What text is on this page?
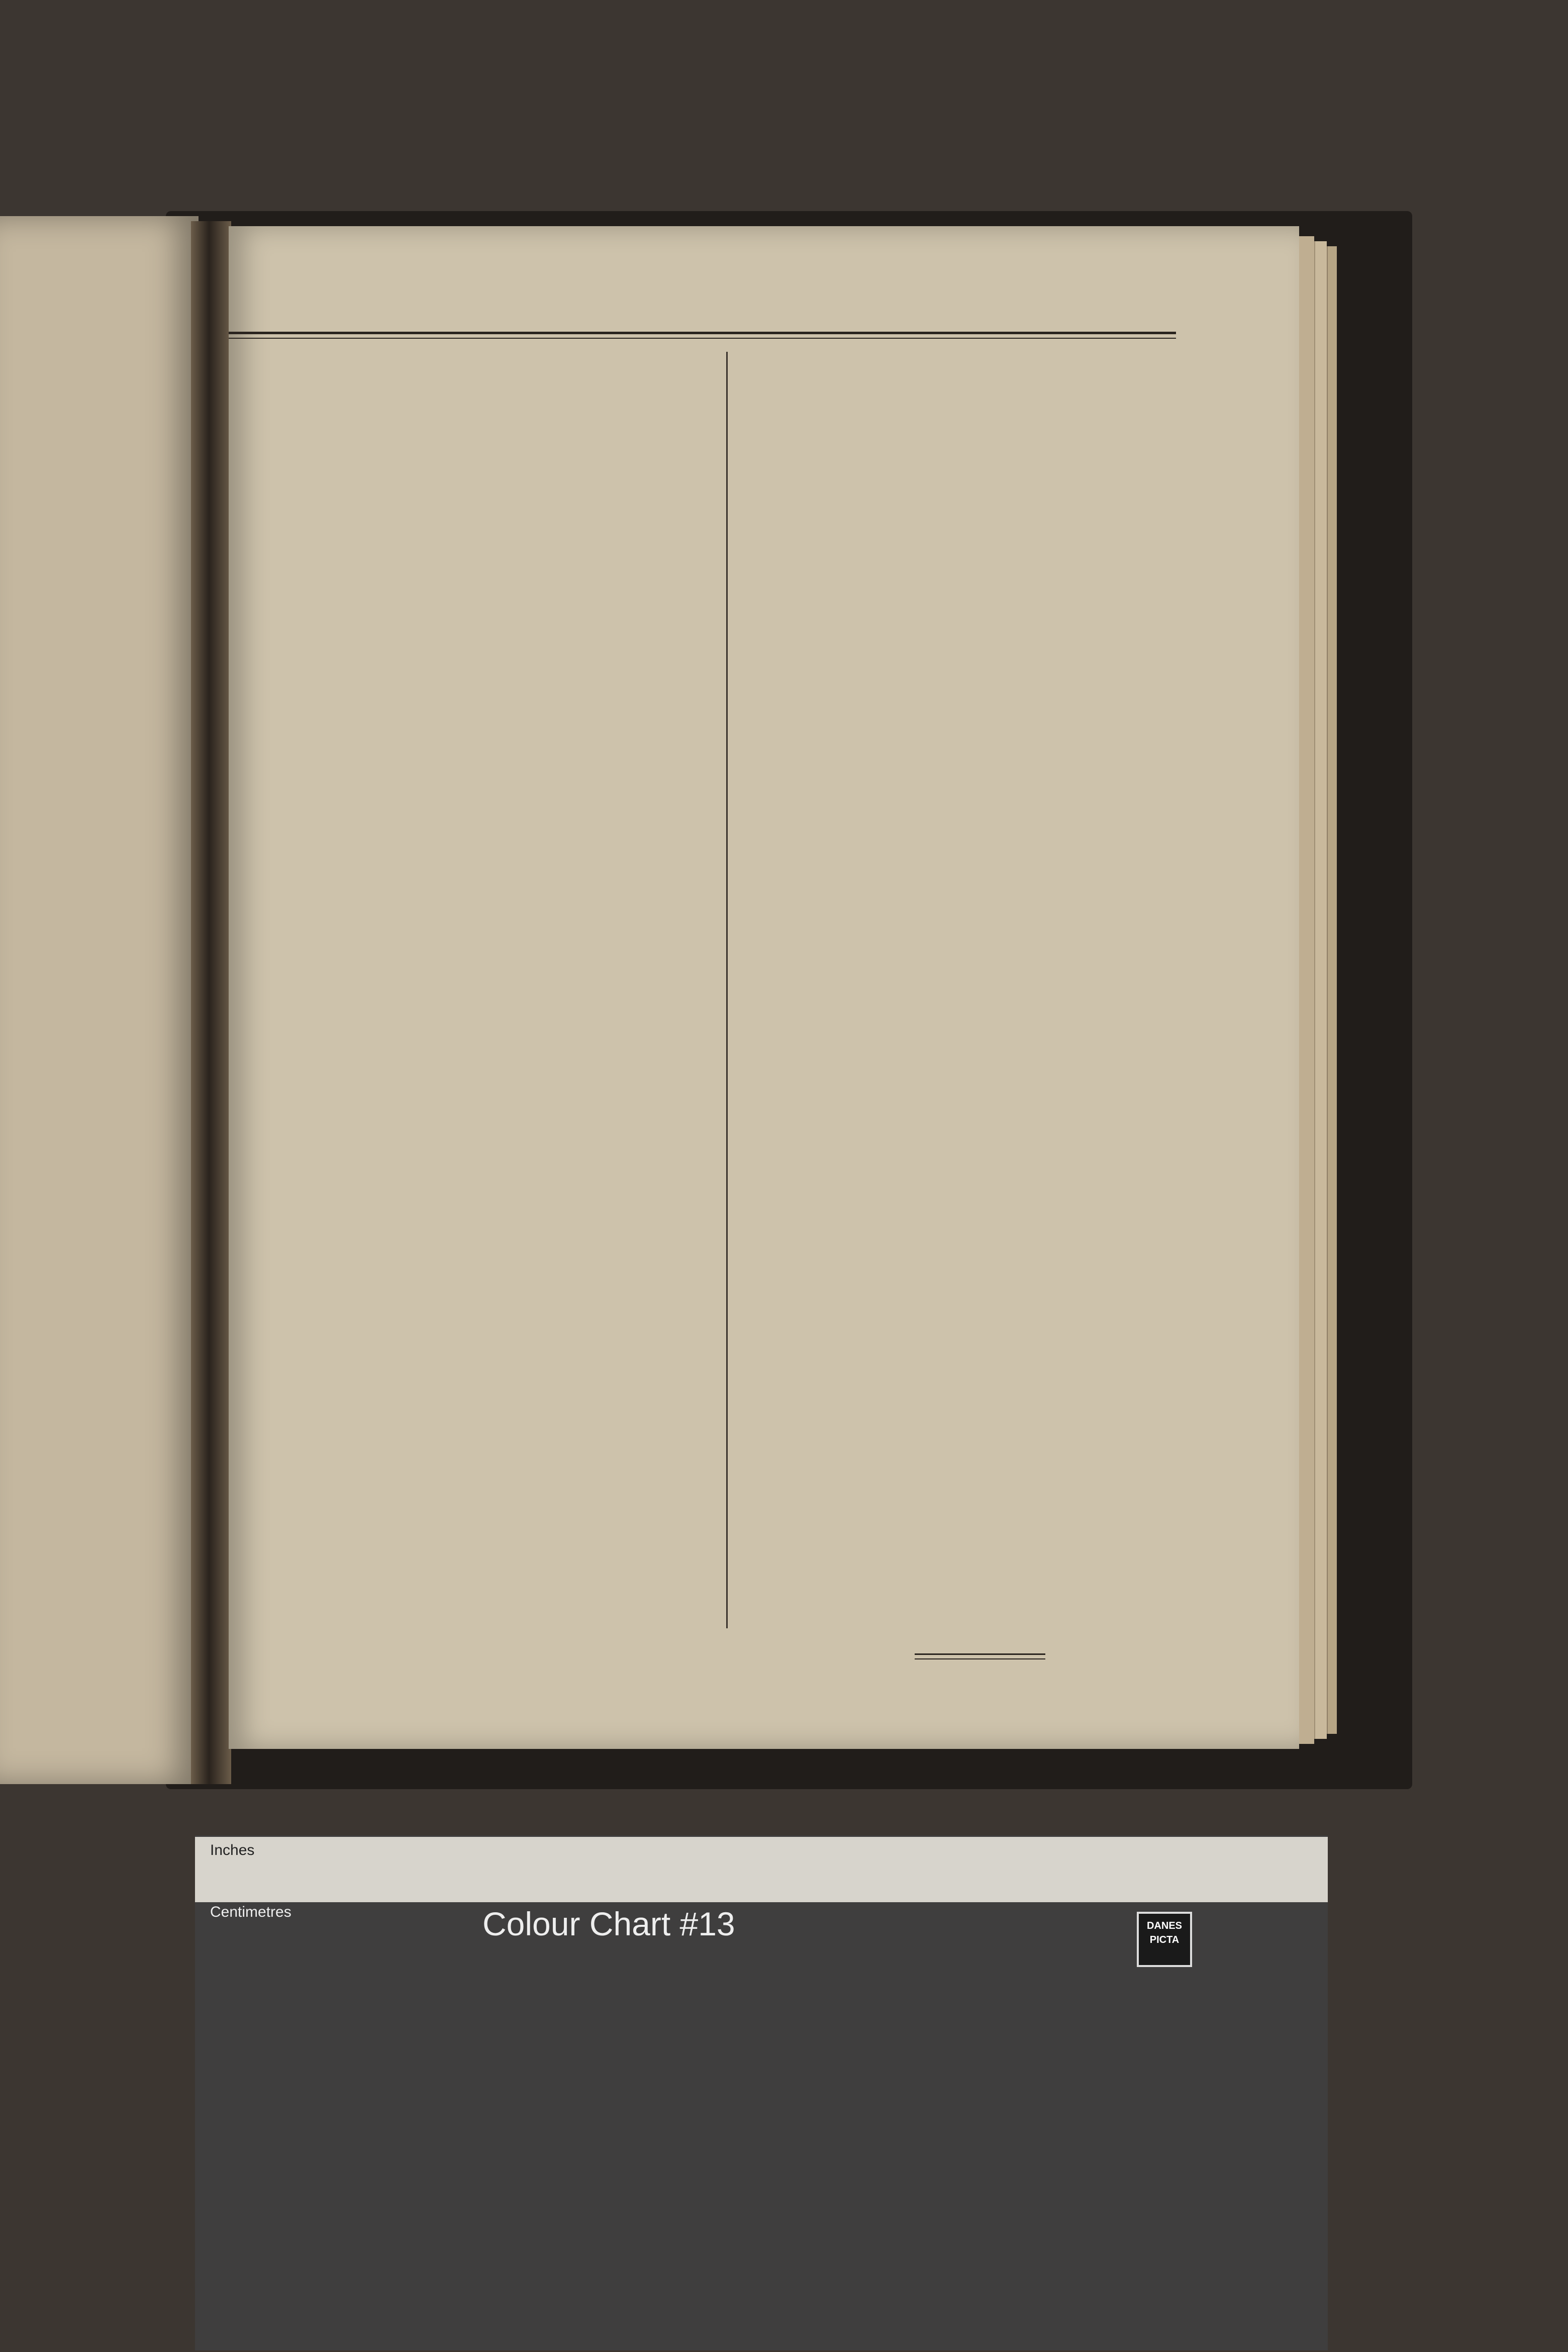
Inches
Centimetres	Colour Chart #13	DANES
PICTA
